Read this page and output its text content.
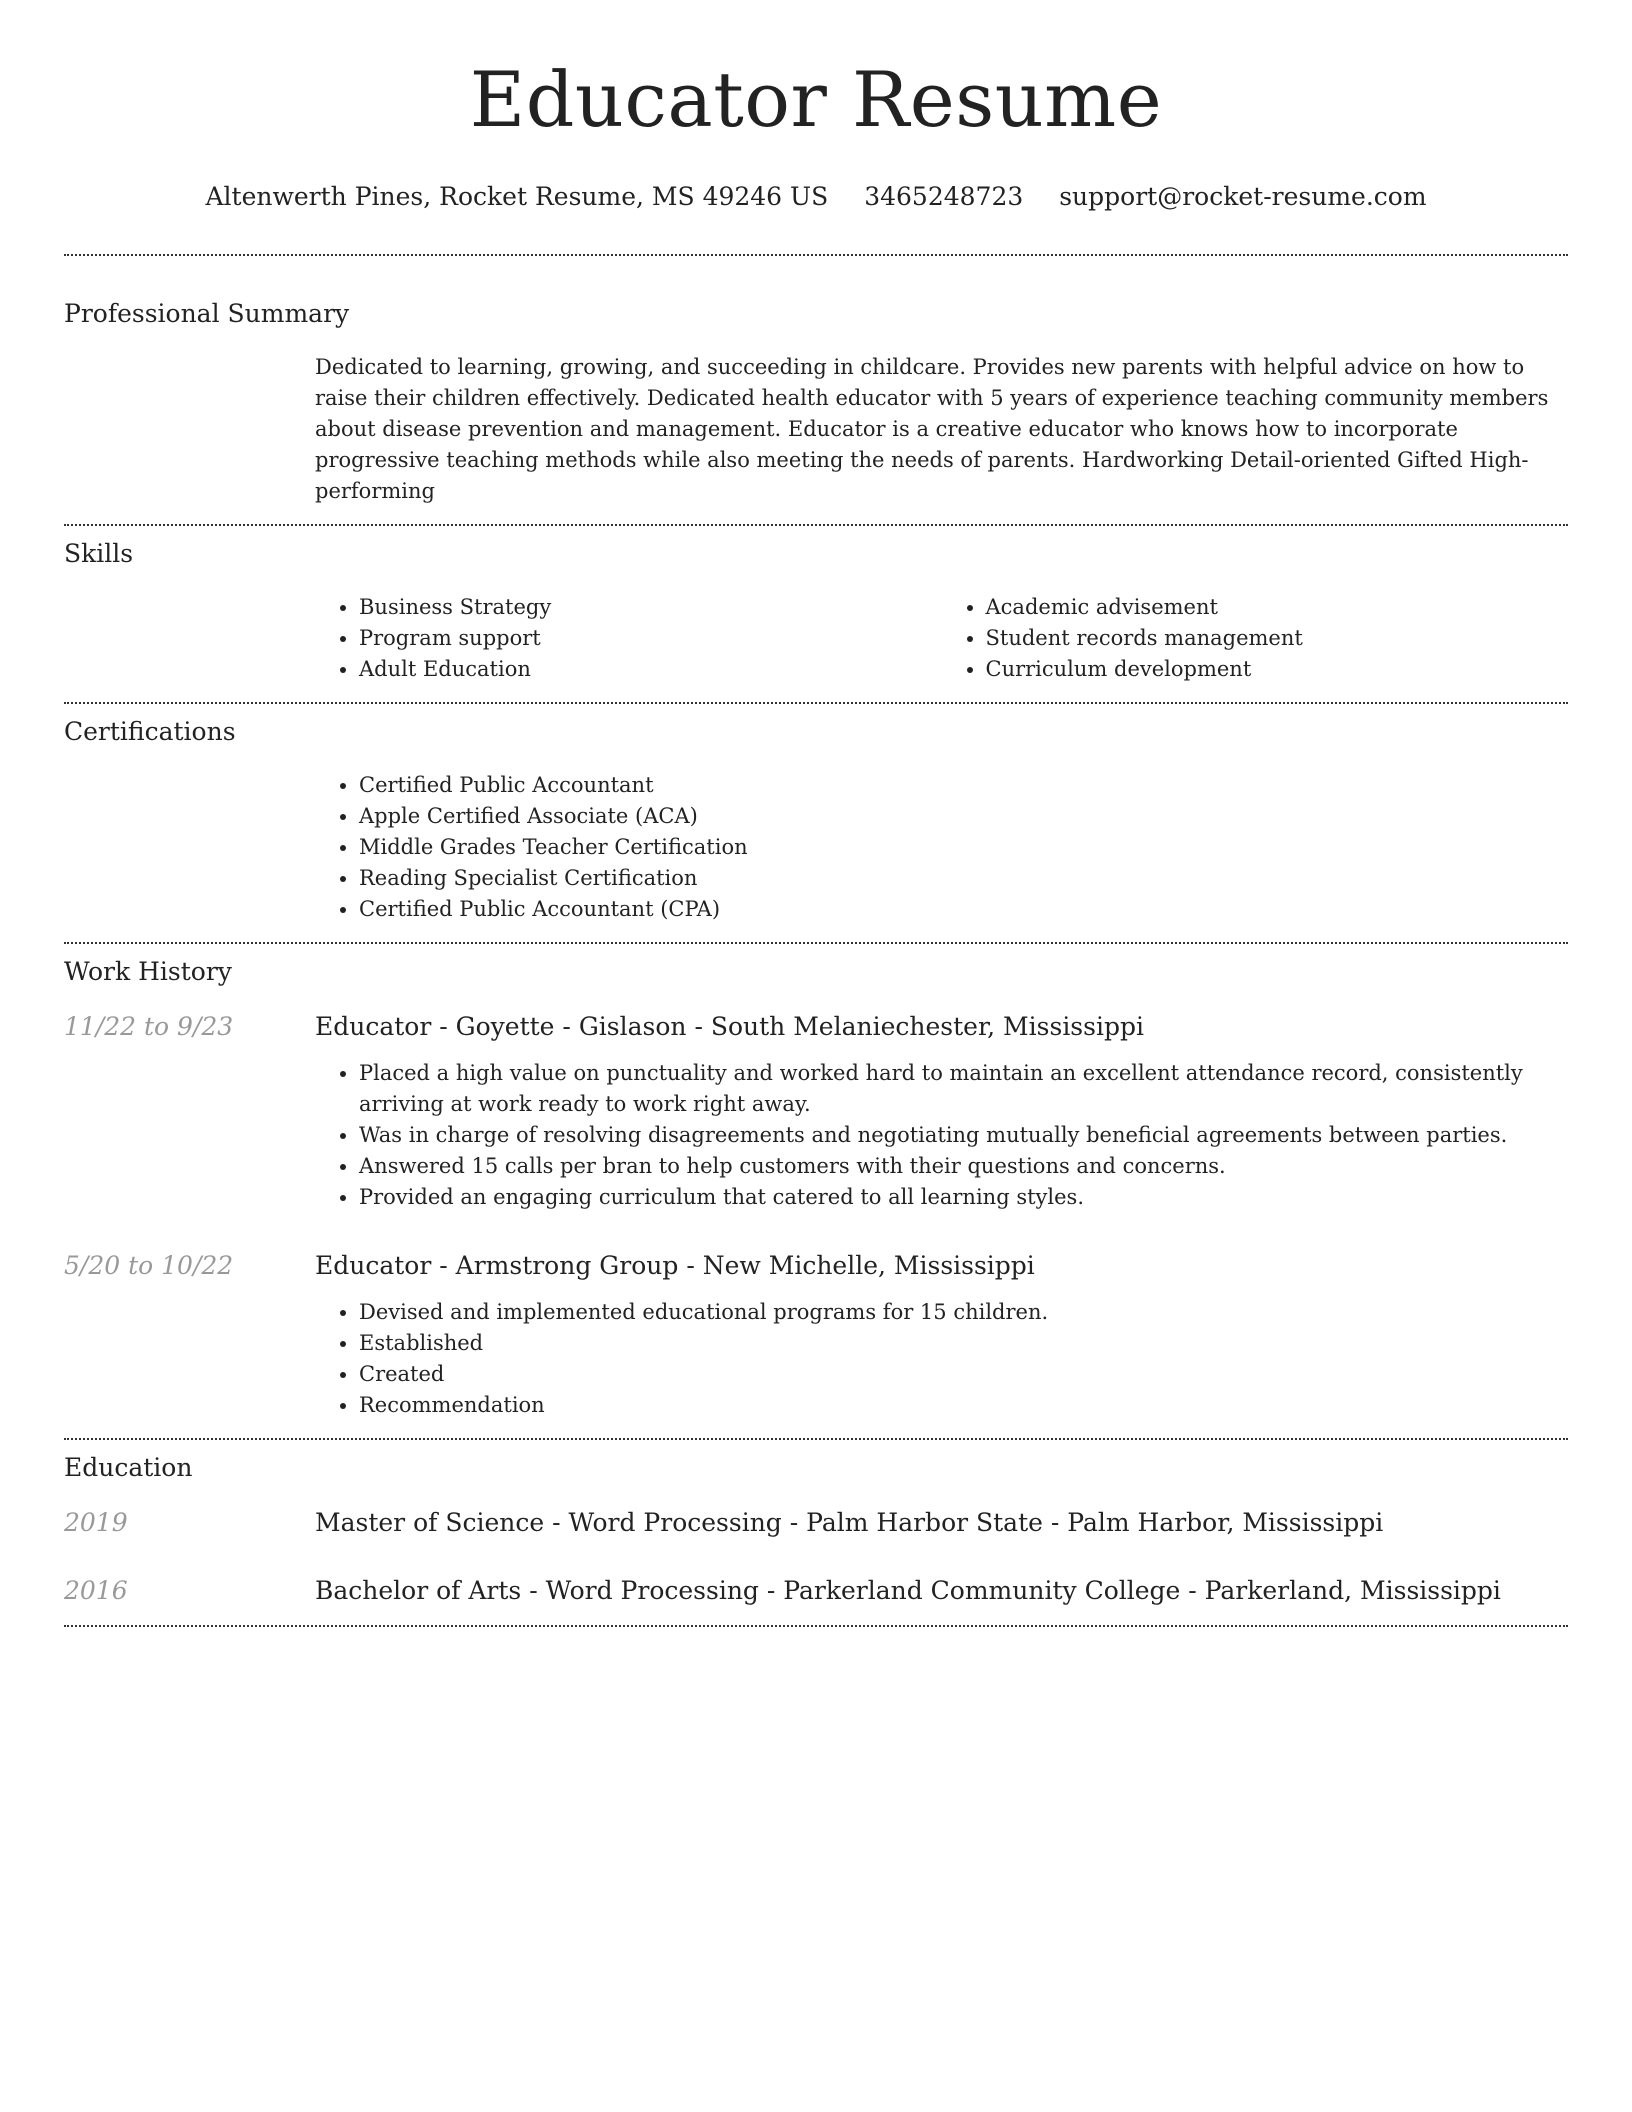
Educator Resume
Altenwerth Pines, Rocket Resume, MS 49246 US 3465248723 support@rocket-resume.com
Professional Summary

Dedicated to learning, growing, and succeeding in childcare. Provides new parents with helpful advice on how to raise their children effectively. Dedicated health educator with 5 years of experience teaching community members about disease prevention and management. Educator is a creative educator who knows how to incorporate progressive teaching methods while also meeting the needs of parents. Hardworking Detail-oriented Gifted High-performing

Skills
• Business Strategy
• Program support
• Adult Education
• Academic advisement
• Student records management
• Curriculum development
Certifications
• Certified Public Accountant
• Apple Certified Associate (ACA)
• Middle Grades Teacher Certification
• Reading Specialist Certification
• Certified Public Accountant (CPA)
Work History
11/22 to 9/23	Educator - Goyette - Gislason - South Melaniechester, Mississippi
• Placed a high value on punctuality and worked hard to maintain an excellent attendance record, consistently arriving at work ready to work right away.
• Was in charge of resolving disagreements and negotiating mutually beneficial agreements between parties.
• Answered 15 calls per bran to help customers with their questions and concerns.
• Provided an engaging curriculum that catered to all learning styles.
5/20 to 10/22	Educator - Armstrong Group - New Michelle, Mississippi
• Devised and implemented educational programs for 15 children.
• Established
• Created
• Recommendation
Education
2019	Master of Science - Word Processing - Palm Harbor State - Palm Harbor, Mississippi
2016	Bachelor of Arts - Word Processing - Parkerland Community College - Parkerland, Mississippi
